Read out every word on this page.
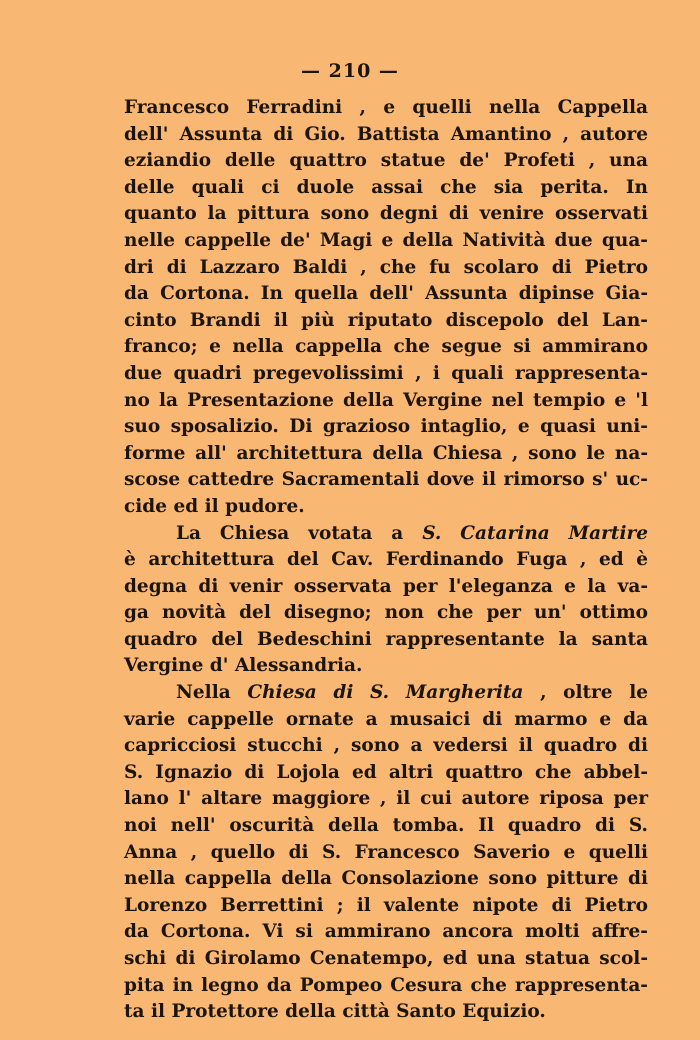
— 210 —
Francesco Ferradini , e quelli nella Cappella
dell' Assunta di Gio. Battista Amantino , autore
eziandio delle quattro statue de' Profeti , una
delle quali ci duole assai che sia perita. In
quanto la pittura sono degni di venire osservati
nelle cappelle de' Magi e della Natività due qua-
dri di Lazzaro Baldi , che fu scolaro di Pietro
da Cortona. In quella dell' Assunta dipinse Gia-
cinto Brandi il più riputato discepolo del Lan-
franco; e nella cappella che segue si ammirano
due quadri pregevolissimi , i quali rappresenta-
no la Presentazione della Vergine nel tempio e 'l
suo sposalizio. Di grazioso intaglio, e quasi uni-
forme all' architettura della Chiesa , sono le na-
scose cattedre Sacramentali dove il rimorso s' uc-
cide ed il pudore.
La Chiesa votata a S. Catarina Martire
è architettura del Cav. Ferdinando Fuga , ed è
degna di venir osservata per l'eleganza e la va-
ga novità del disegno; non che per un' ottimo
quadro del Bedeschini rappresentante la santa
Vergine d' Alessandria.
Nella Chiesa di S. Margherita , oltre le
varie cappelle ornate a musaici di marmo e da
capricciosi stucchi , sono a vedersi il quadro di
S. Ignazio di Lojola ed altri quattro che abbel-
lano l' altare maggiore , il cui autore riposa per
noi nell' oscurità della tomba. Il quadro di S.
Anna , quello di S. Francesco Saverio e quelli
nella cappella della Consolazione sono pitture di
Lorenzo Berrettini ; il valente nipote di Pietro
da Cortona. Vi si ammirano ancora molti affre-
schi di Girolamo Cenatempo, ed una statua scol-
pita in legno da Pompeo Cesura che rappresenta-
ta il Protettore della città Santo Equizio.
